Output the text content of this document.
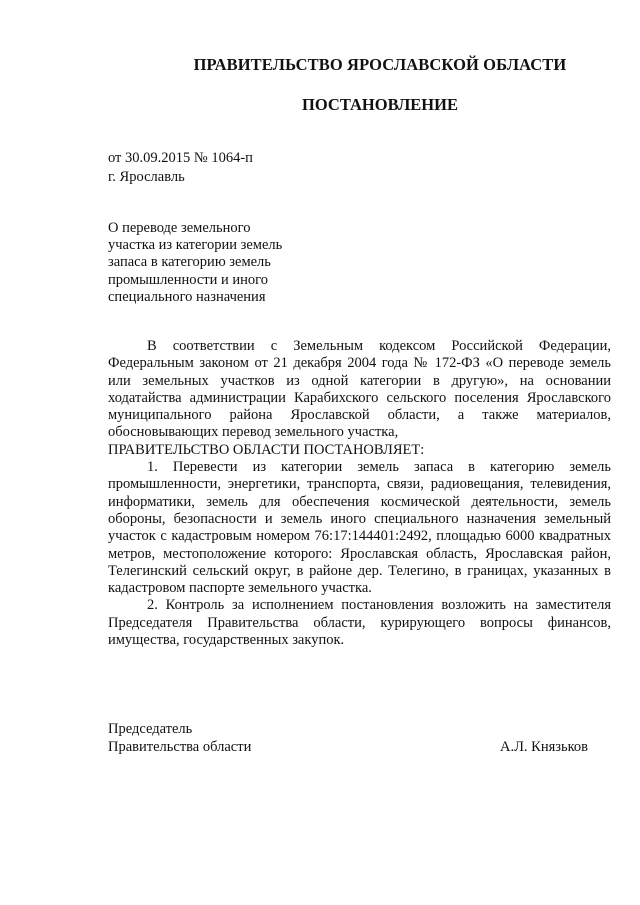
ПРАВИТЕЛЬСТВО ЯРОСЛАВСКОЙ ОБЛАСТИ
ПОСТАНОВЛЕНИЕ
от 30.09.2015 № 1064-п
г. Ярославль
О переводе земельного
участка из категории земель
запаса в категорию земель
промышленности и иного
специального назначения

В соответствии с Земельным кодексом Российской Федерации, Федеральным законом от 21 декабря 2004 года № 172-ФЗ «О переводе земель или земельных участков из одной категории в другую», на основании ходатайства администрации Карабихского сельского поселения Ярославского муниципального района Ярославской области, а также материалов, обосновывающих перевод земельного участка,

ПРАВИТЕЛЬСТВО ОБЛАСТИ ПОСТАНОВЛЯЕТ:

1. Перевести из категории земель запаса в категорию земель промышленности, энергетики, транспорта, связи, радиовещания, телевидения, информатики, земель для обеспечения космической деятельности, земель обороны, безопасности и земель иного специального назначения земельный участок с кадастровым номером 76:17:144401:2492, площадью 6000 квадратных метров, местоположение которого: Ярославская область, Ярославская район, Телегинский сельский округ, в районе дер. Телегино, в границах, указанных в кадастровом паспорте земельного участка.

2. Контроль за исполнением постановления возложить на заместителя Председателя Правительства области, курирующего вопросы финансов, имущества, государственных закупок.

Председатель
Правительства области	А.Л. Князьков
